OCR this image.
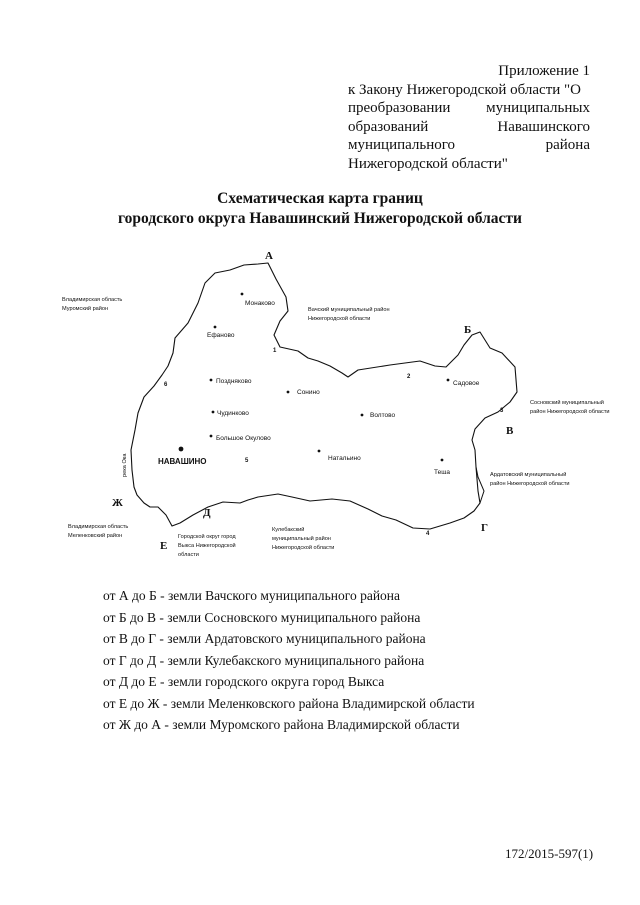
Приложение 1
к Закону Нижегородской области "О
преобразовании муниципальных
образований	Навашинского
муниципального	района
Нижегородской области"
Схематическая карта границ
городского округа Навашинский Нижегородской области
А
Б
В
Г
Д
Е
Ж
1
2
3
4
5
6
Владимирская область
Муромский район	Вачский муниципальный район
Нижегородской области
Сосновский муниципальный
район Нижегородской области
Ардатовский муниципальный
район Нижегородской области
Владимирская область
Меленковский район	Городской округ город
Выкса Нижегородской
области
Кулебакский
муниципальный район
Нижегородской области
река Ока
Монаково
Ефаново
Поздняково
Сонино
Садовое
Волтово
Чудинково
Большое Окулово
Натальино
НАВАШИНО
Теша
от А до Б - земли Вачского муниципального района
от Б до В - земли Сосновского муниципального района
от В до Г - земли Ардатовского муниципального района
от Г до Д - земли Кулебакского муниципального района
от Д до Е - земли городского округа город Выкса
от Е до Ж - земли Меленковского района Владимирской области
от Ж до А - земли Муромского района Владимирской области
172/2015-597(1)
